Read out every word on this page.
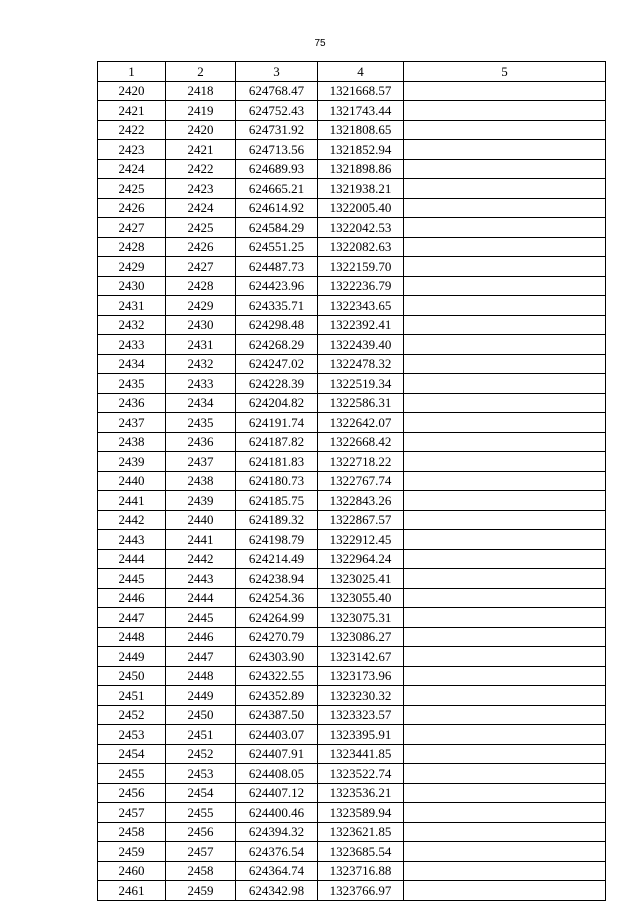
75
1	2	3	4	5
2420	2418	624768.47	1321668.57	
2421	2419	624752.43	1321743.44	
2422	2420	624731.92	1321808.65	
2423	2421	624713.56	1321852.94	
2424	2422	624689.93	1321898.86	
2425	2423	624665.21	1321938.21	
2426	2424	624614.92	1322005.40	
2427	2425	624584.29	1322042.53	
2428	2426	624551.25	1322082.63	
2429	2427	624487.73	1322159.70	
2430	2428	624423.96	1322236.79	
2431	2429	624335.71	1322343.65	
2432	2430	624298.48	1322392.41	
2433	2431	624268.29	1322439.40	
2434	2432	624247.02	1322478.32	
2435	2433	624228.39	1322519.34	
2436	2434	624204.82	1322586.31	
2437	2435	624191.74	1322642.07	
2438	2436	624187.82	1322668.42	
2439	2437	624181.83	1322718.22	
2440	2438	624180.73	1322767.74	
2441	2439	624185.75	1322843.26	
2442	2440	624189.32	1322867.57	
2443	2441	624198.79	1322912.45	
2444	2442	624214.49	1322964.24	
2445	2443	624238.94	1323025.41	
2446	2444	624254.36	1323055.40	
2447	2445	624264.99	1323075.31	
2448	2446	624270.79	1323086.27	
2449	2447	624303.90	1323142.67	
2450	2448	624322.55	1323173.96	
2451	2449	624352.89	1323230.32	
2452	2450	624387.50	1323323.57	
2453	2451	624403.07	1323395.91	
2454	2452	624407.91	1323441.85	
2455	2453	624408.05	1323522.74	
2456	2454	624407.12	1323536.21	
2457	2455	624400.46	1323589.94	
2458	2456	624394.32	1323621.85	
2459	2457	624376.54	1323685.54	
2460	2458	624364.74	1323716.88	
2461	2459	624342.98	1323766.97	
